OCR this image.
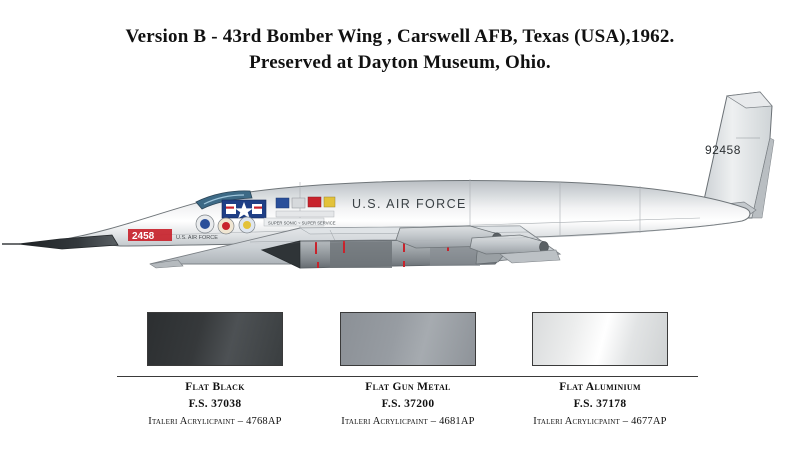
Version B - 43rd Bomber Wing , Carswell AFB, Texas (USA),1962.
Preserved at Dayton Museum, Ohio.
92458
U.S. AIR FORCE
SUPER SONIC ~ SUPER SERVICE
2458	U.S. AIR FORCE
Flat Black
F.S. 37038
Italeri Acrylicpaint – 4768AP
Flat Gun Metal
F.S. 37200
Italeri Acrylicpaint – 4681AP
Flat Aluminium
F.S. 37178
Italeri Acrylicpaint – 4677AP
